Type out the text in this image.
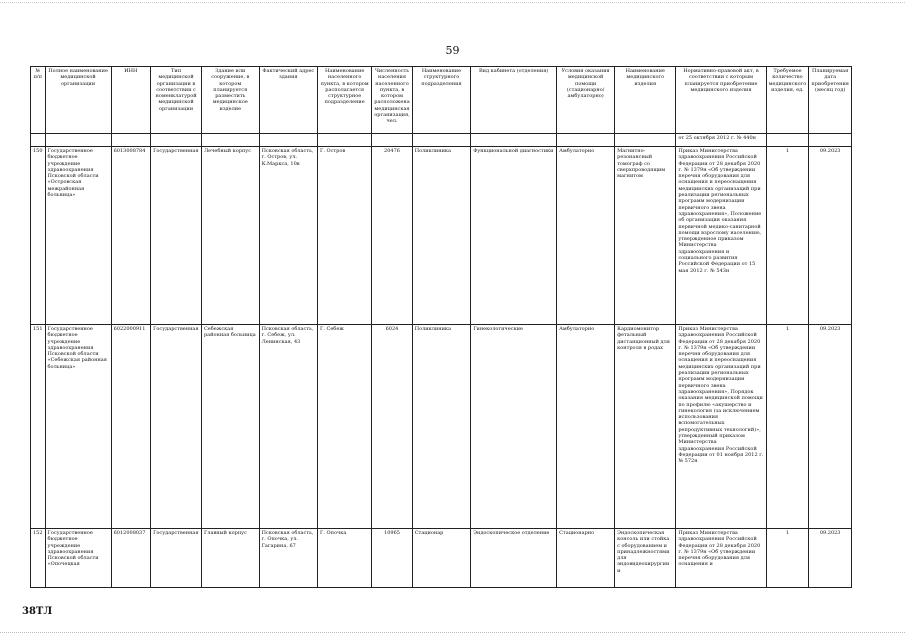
59
№ п/п	Полное наименование медицинской организации	ИНН	Тип медицинской организации в соответствии с номенклатурой медицинской организации	Здание или сооружение, в котором планируется разместить медицинское изделие	Фактический адрес здания	Наименование населенного пункта, в котором располагается структурное подразделение	Численность населения населенного пункта, в котором расположена медицинская организация, чел.	Наименование структурного подразделения	Вид кабинета (отделения)	Условия оказания медицинской помощи (стационарно/амбулаторно)	Наименование медицинского изделия	Нормативно-правовой акт, в соответствии с которым планируется приобретение медицинского изделия	Требуемое количество медицинского изделия, ед.	Планируемая дата приобретения (месяц год)
												от 25 октября 2012 г. № 440н		
150	Государственное бюджетное учреждение здравоохранения Псковской области «Островская межрайонная больница»	6013008784	Государственная	Лечебный корпус	Псковская область, г. Остров, ул. К.Маркса, 10в	Г. Остров	20476	Поликлиника	Функциональной диагностики	Амбулаторно	Магнитно-резонансный томограф со сверхпроводящим магнитом	Приказ Министерства здравоохранения Российской Федерации от 28 декабря 2020 г. № 1379н «Об утверждении перечня оборудования для оснащения и переоснащения медицинских организаций при реализации региональных программ модернизации первичного звена здравоохранения», Положение об организации оказания первичной медико-санитарной помощи взрослому населению, утвержденное приказом Министерства здравоохранения и социального развития Российской Федерации от 15 мая 2012 г. № 543н	1	09.2023
151	Государственное бюджетное учреждение здравоохранения Псковской области «Себежская районная больница»	6022000911	Государственная	Себежская районная больница	Псковская область, г. Себеж, ул. Ленинская, 43	Г. Себеж	6024	Поликлиника	Гинекологические	Амбулаторно	Кардиомонитор фетальный дистанционный для контроля в родах	Приказ Министерства здравоохранения Российской Федерации от 28 декабря 2020 г. № 1379н «Об утверждении перечня оборудования для оснащения и переоснащения медицинских организаций при реализации региональных программ модернизации первичного звена здравоохранения», Порядок оказания медицинской помощи по профилю «акушерство и гинекология (за исключением использования вспомогательных репродуктивных технологий)», утвержденный приказом Министерства здравоохранения Российской Федерации от 01 ноября 2012 г. № 572н	1	09.2023
152	Государственное бюджетное учреждение здравоохранения Псковской области «Опочецкая	6012008037	Государственная	Главный корпус	Псковская область, г. Опочка, ул. Гагарина, 67	Г. Опочка	10965	Стационар	Эндоскопическое отделение	Стационарно	Эндоскопическая консоль или стойка с оборудованием и принадлежностями для эндовидеохирургии и	Приказ Министерства здравоохранения Российской Федерации от 28 декабря 2020 г. № 1379н «Об утверждении перечня оборудования для оснащения и	1	09.2023
38ТЛ
